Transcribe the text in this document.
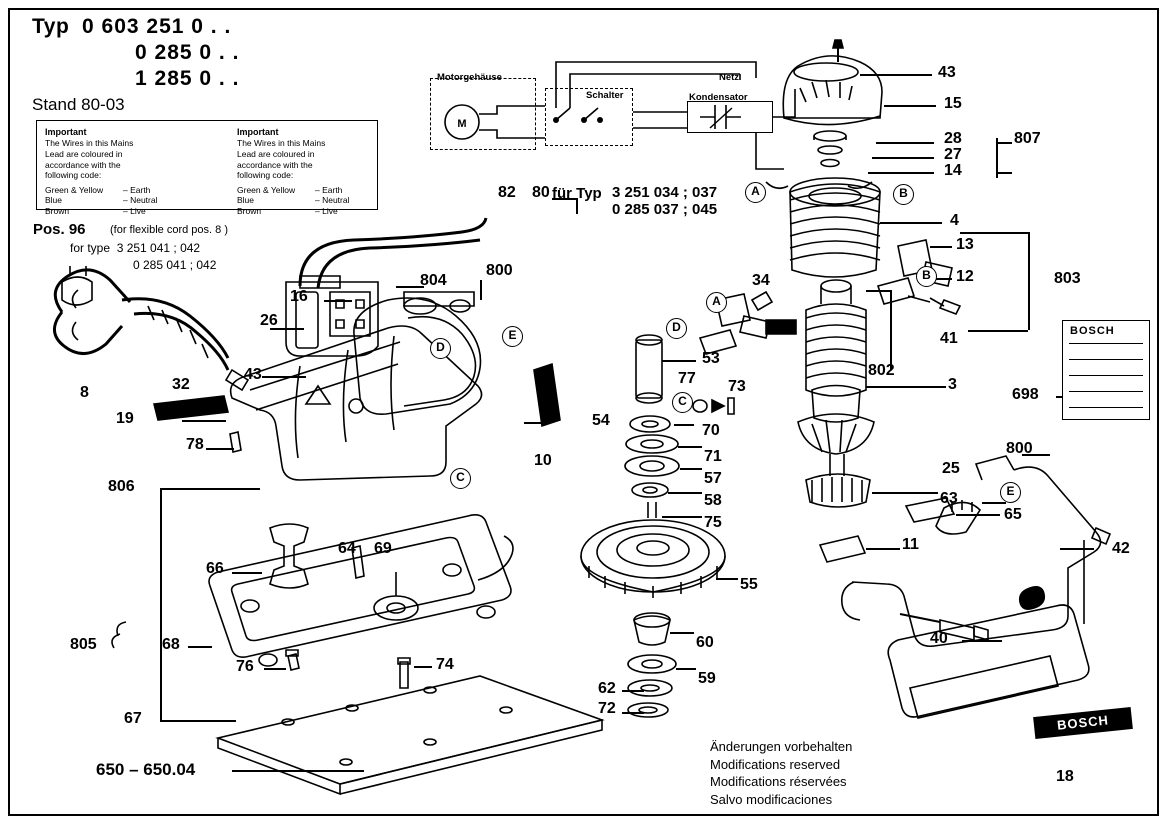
Typ 0 603 251 0 . .
0 285 0 . .
1 285 0 . .
Stand 80-03
Important
The Wires in this Mains
Lead are coloured in
accordance with the
following code:
Green & Yellow	– Earth
Blue	– Neutral
Brown	– Live
Important
The Wires in this Mains
Lead are coloured in
accordance with the
following code:
Green & Yellow	– Earth
Blue	– Neutral
Brown	– Live
Pos. 96 (for flexible cord pos. 8 )
for type  3 251 041 ; 042
0 285 041 ; 042
Motorgehäuse
Schalter	Kondensator
Netz
M
A	B
A
B
D
C
D
E
C
E
für Typ 3 251 034 ; 037
0 285 037 ; 045
43
15
28	807
27
14
82 80
4
13
12	803
34
41
802
3
53
77 73
70
54
71
57
58
75
55
60
59
62
72
25
63
65
11
800
42
40
18
698
804
800
16
26
43
8	32
19
78
806
10
66
64 69
68
805
76	74
67
650 – 650.04
BOSCH
BOSCH
Änderungen vorbehalten
Modifications reserved
Modifications réservées
Salvo modificaciones
